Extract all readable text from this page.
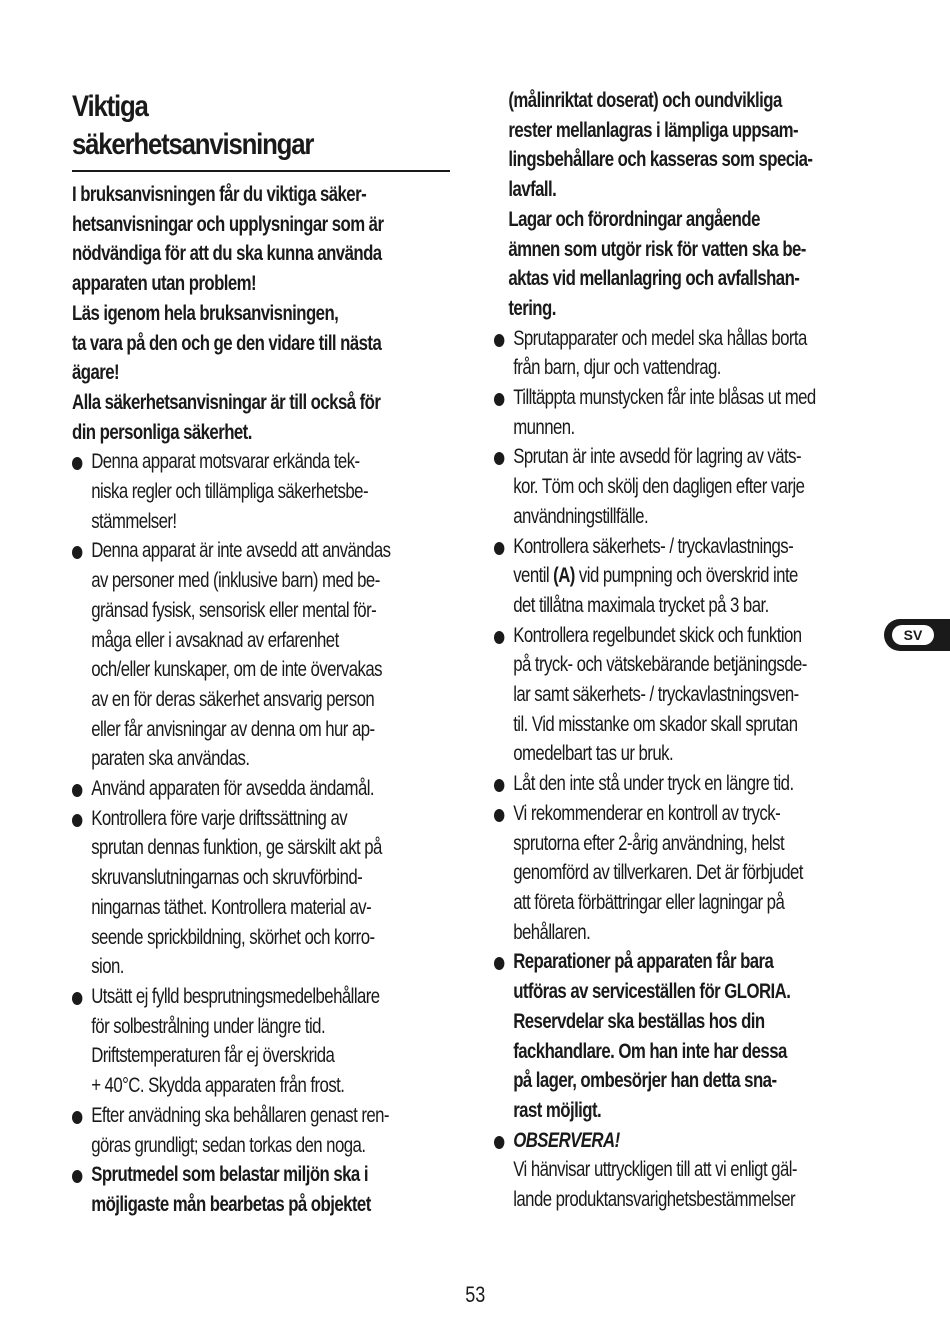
Viktiga
säkerhetsanvisningar
I bruksanvisningen får du viktiga säker-
hetsanvisningar och upplysningar som är
nödvändiga för att du ska kunna använda
apparaten utan problem!
Läs igenom hela bruksanvisningen,
ta vara på den och ge den vidare till nästa
ägare!
Alla säkerhetsanvisningar är till också för
din personliga säkerhet.
Denna apparat motsvarar erkända tek-
niska regler och tillämpliga säkerhetsbe-
stämmelser!
Denna apparat är inte avsedd att användas
av personer med (inklusive barn) med be-
gränsad fysisk, sensorisk eller mental för-
måga eller i avsaknad av erfarenhet
och/eller kunskaper, om de inte övervakas
av en för deras säkerhet ansvarig person
eller får anvisningar av denna om hur ap-
paraten ska användas.
Använd apparaten för avsedda ändamål.
Kontrollera före varje driftssättning av
sprutan dennas funktion, ge särskilt akt på
skruvanslutningarnas och skruvförbind-
ningarnas täthet. Kontrollera material av-
seende sprickbildning, skörhet och korro-
sion.
Utsätt ej fylld besprutningsmedelbehållare
för solbestrålning under längre tid.
Driftstemperaturen får ej överskrida
+ 40°C. Skydda apparaten från frost.
Efter anvädning ska behållaren genast ren-
göras grundligt; sedan torkas den noga.
Sprutmedel som belastar miljön ska i
möjligaste mån bearbetas på objektet
(målinriktat doserat) och oundvikliga
rester mellanlagras i lämpliga uppsam-
lingsbehållare och kasseras som specia-
lavfall.
Lagar och förordningar angående
ämnen som utgör risk för vatten ska be-
aktas vid mellanlagring och avfallshan-
tering.
Sprutapparater och medel ska hållas borta
från barn, djur och vattendrag.
Tilltäppta munstycken får inte blåsas ut med
munnen.
Sprutan är inte avsedd för lagring av väts-
kor. Töm och skölj den dagligen efter varje
användningstillfälle.
Kontrollera säkerhets- / tryckavlastnings-
ventil (A) vid pumpning och överskrid inte
det tillåtna maximala trycket på 3 bar.
Kontrollera regelbundet skick och funktion
på tryck- och vätskebärande betjäningsde-
lar samt säkerhets- / tryckavlastningsven-
til. Vid misstanke om skador skall sprutan
omedelbart tas ur bruk.
Låt den inte stå under tryck en längre tid.
Vi rekommenderar en kontroll av tryck-
sprutorna efter 2-årig användning, helst
genomförd av tillverkaren. Det är förbjudet
att företa förbättringar eller lagningar på
behållaren.
Reparationer på apparaten får bara
utföras av serviceställen för GLORIA.
Reservdelar ska beställas hos din
fackhandlare. Om han inte har dessa
på lager, ombesörjer han detta sna-
rast möjligt.
OBSERVERA!
Vi hänvisar uttryckligen till att vi enligt gäl-
lande produktansvarighetsbestämmelser
SV
53
